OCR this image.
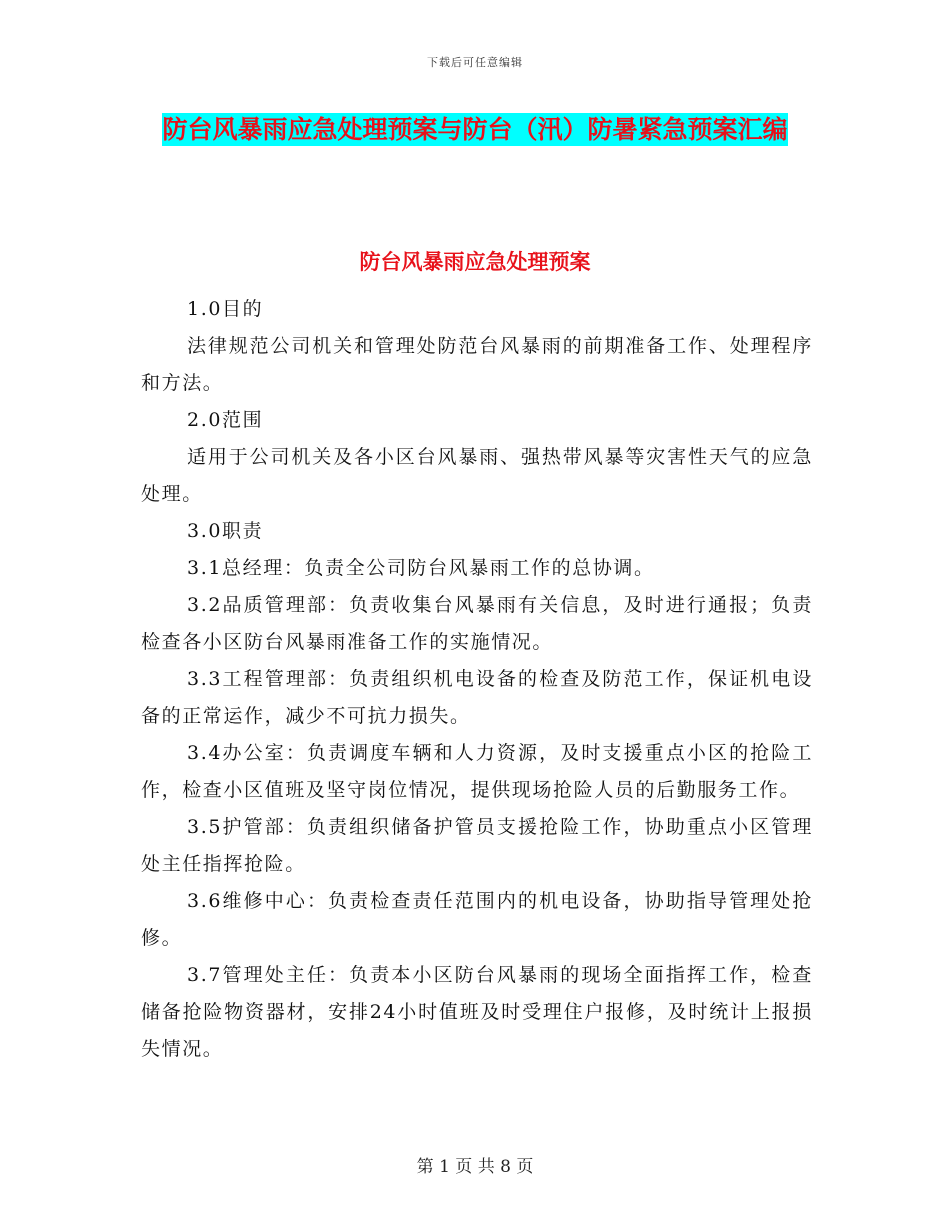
下载后可任意编辑
防台风暴雨应急处理预案与防台（汛）防暑紧急预案汇编
防台风暴雨应急处理预案

1.0目的

法律规范公司机关和管理处防范台风暴雨的前期准备工作、处理程序和方法。

2.0范围

适用于公司机关及各小区台风暴雨、强热带风暴等灾害性天气的应急处理。

3.0职责

3.1总经理：负责全公司防台风暴雨工作的总协调。

3.2品质管理部：负责收集台风暴雨有关信息，及时进行通报；负责检查各小区防台风暴雨准备工作的实施情况。

3.3工程管理部：负责组织机电设备的检查及防范工作，保证机电设备的正常运作，减少不可抗力损失。

3.4办公室：负责调度车辆和人力资源，及时支援重点小区的抢险工作，检查小区值班及坚守岗位情况，提供现场抢险人员的后勤服务工作。

3.5护管部：负责组织储备护管员支援抢险工作，协助重点小区管理处主任指挥抢险。

3.6维修中心：负责检查责任范围内的机电设备，协助指导管理处抢修。

3.7管理处主任：负责本小区防台风暴雨的现场全面指挥工作，检查储备抢险物资器材，安排24小时值班及时受理住户报修，及时统计上报损失情况。

第 1 页 共 8 页
